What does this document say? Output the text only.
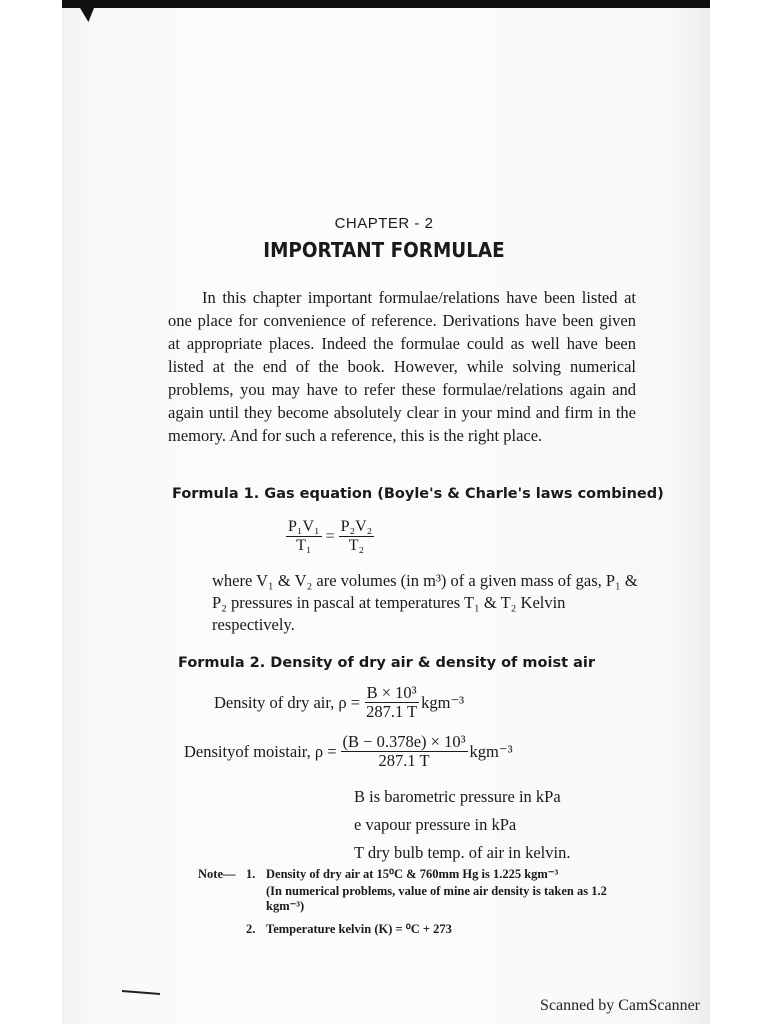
CHAPTER - 2
IMPORTANT FORMULAE

In this chapter important formulae/relations have been listed at one place for convenience of reference. Derivations have been given at appropriate places. Indeed the formulae could as well have been listed at the end of the book. However, while solving numerical problems, you may have to refer these formulae/relations again and again until they become absolutely clear in your mind and firm in the memory. And for such a reference, this is the right place.

Formula 1. Gas equation (Boyle's & Charle's laws combined)
$\frac{\text{P₁V₁}}{\text{T₁}} = \frac{\text{P₂V₂}}{\text{T₂}}$
where V₁ & V₂ are volumes (in m³) of a given mass of gas, P₁ & P₂ pressures in pascal at temperatures T₁ & T₂ Kelvin respectively.
Formula 2. Density of dry air & density of moist air
Density of dry air, $\rho = \frac{\text{B × 10³}}{287.1 T} kgm^{-3}$
Densityof moistair, $\rho = \frac{\text{(B − 0.378e) × 10³}}{287.1 T} kgm^{-3}$
B is barometric pressure in kPa
e vapour pressure in kPa
T dry bulb temp. of air in kelvin.
Note— 1. Density of dry air at 15⁰C & 760mm Hg is 1.225 kgm⁻³
(In numerical problems, value of mine air density is taken as 1.2 kgm⁻³)
2. Temperature kelvin (K) = ⁰C + 273
Scanned by CamScanner
